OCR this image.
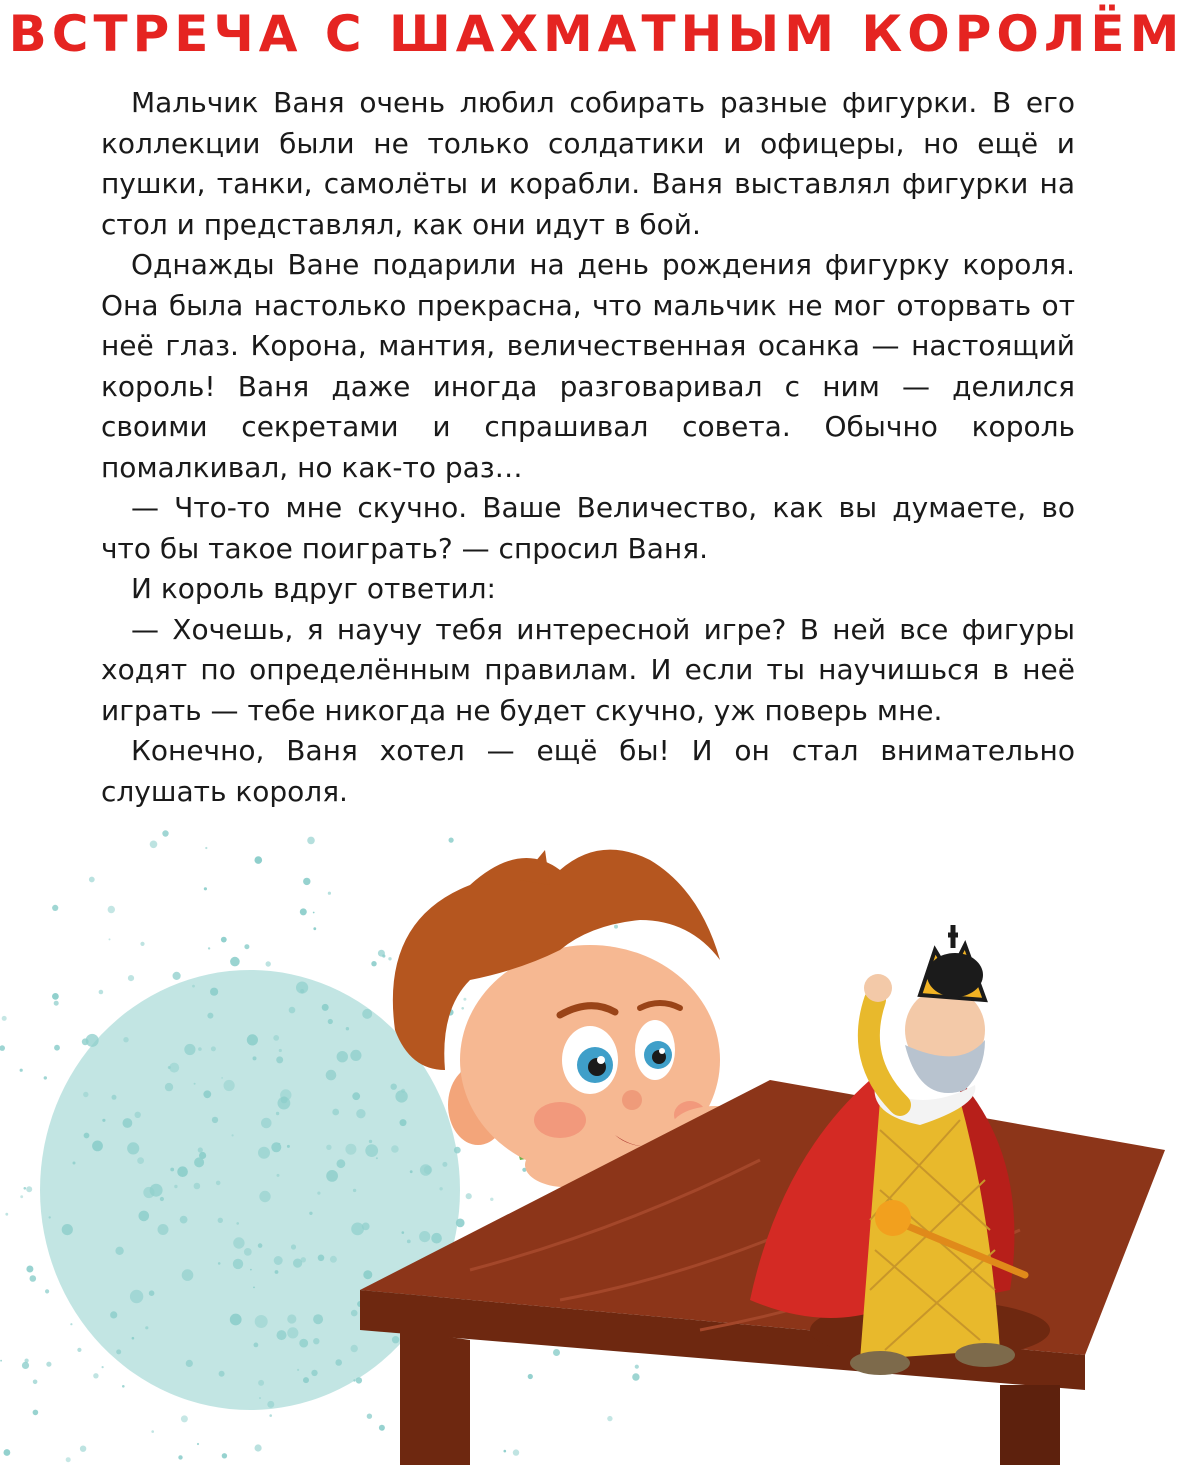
ВСТРЕЧА С ШАХМАТНЫМ КОРОЛЁМ

Мальчик Ваня очень любил собирать разные фигурки. В его коллекции были не только солдатики и офицеры, но ещё и пушки, танки, самолёты и корабли. Ваня выставлял фигурки на стол и представлял, как они идут в бой.

Однажды Ване подарили на день рождения фигурку короля. Она была настолько прекрасна, что мальчик не мог оторвать от неё глаз. Корона, мантия, величественная осанка — настоящий король! Ваня даже иногда разговаривал с ним — делился своими секретами и спрашивал совета. Обычно король помалкивал, но как-то раз…

— Что-то мне скучно. Ваше Величество, как вы думаете, во что бы такое поиграть? — спросил Ваня.

И король вдруг ответил:

— Хочешь, я научу тебя интересной игре? В ней все фигуры ходят по определённым правилам. И если ты научишься в неё играть — тебе никогда не будет скучно, уж поверь мне.

Конечно, Ваня хотел — ещё бы! И он стал внимательно слушать короля.
